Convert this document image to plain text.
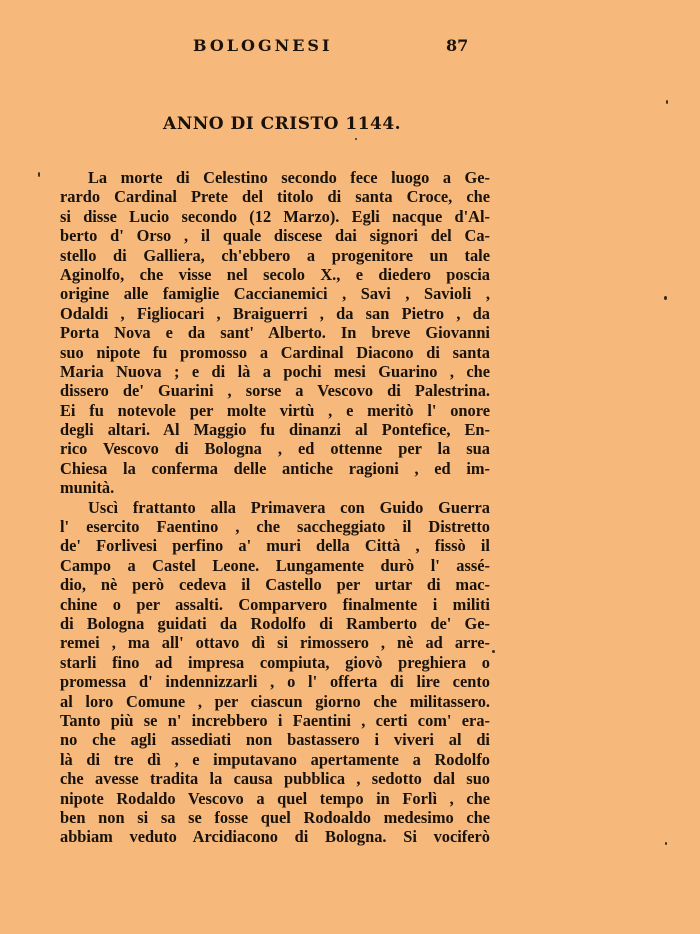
BOLOGNESI	87
ANNO DI CRISTO 1144.
La morte di Celestino secondo fece luogo a Ge-
rardo Cardinal Prete del titolo di santa Croce, che
si disse Lucio secondo (12 Marzo). Egli nacque d'Al-
berto d' Orso , il quale discese dai signori del Ca-
stello di Galliera, ch'ebbero a progenitore un tale
Aginolfo, che visse nel secolo X., e diedero poscia
origine alle famiglie Caccianemici , Savi , Savioli ,
Odaldi , Figliocari , Braiguerri , da san Pietro , da
Porta Nova e da sant' Alberto. In breve Giovanni
suo nipote fu promosso a Cardinal Diacono di santa
Maria Nuova ; e di là a pochi mesi Guarino , che
dissero de' Guarini , sorse a Vescovo di Palestrina.
Ei fu notevole per molte virtù , e meritò l' onore
degli altari. Al Maggio fu dinanzi al Pontefice, En-
rico Vescovo di Bologna , ed ottenne per la sua
Chiesa la conferma delle antiche ragioni , ed im-
munità.
Uscì frattanto alla Primavera con Guido Guerra
l' esercito Faentino , che saccheggiato il Distretto
de' Forlivesi perfino a' muri della Città , fissò il
Campo a Castel Leone. Lungamente durò l' assé-
dio, nè però cedeva il Castello per urtar di mac-
chine o per assalti. Comparvero finalmente i militi
di Bologna guidati da Rodolfo di Ramberto de' Ge-
remei , ma all' ottavo dì si rimossero , nè ad arre-
starli fino ad impresa compiuta, giovò preghiera o
promessa d' indennizzarli , o l' offerta di lire cento
al loro Comune , per ciascun giorno che militassero.
Tanto più se n' increbbero i Faentini , certi com' era-
no che agli assediati non bastassero i viveri al di
là di tre dì , e imputavano apertamente a Rodolfo
che avesse tradita la causa pubblica , sedotto dal suo
nipote Rodaldo Vescovo a quel tempo in Forlì , che
ben non si sa se fosse quel Rodoaldo medesimo che
abbiam veduto Arcidiacono di Bologna. Si vociferò
